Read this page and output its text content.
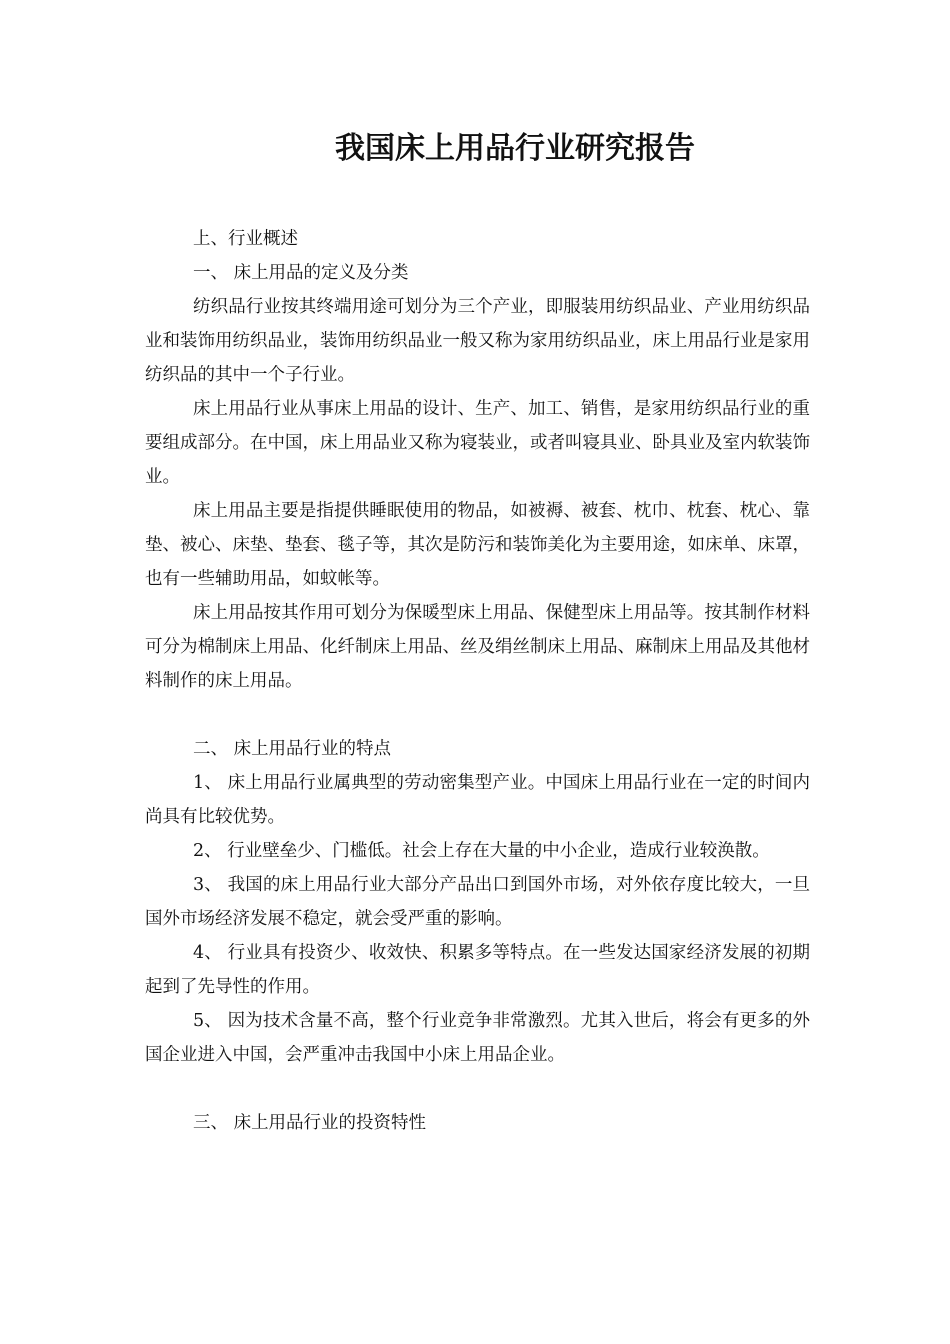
我国床上用品行业研究报告

上、行业概述

一、 床上用品的定义及分类

纺织品行业按其终端用途可划分为三个产业，即服装用纺织品业、产业用纺织品业和装饰用纺织品业，装饰用纺织品业一般又称为家用纺织品业，床上用品行业是家用纺织品的其中一个子行业。

床上用品行业从事床上用品的设计、生产、加工、销售，是家用纺织品行业的重要组成部分。在中国，床上用品业又称为寝装业，或者叫寝具业、卧具业及室内软装饰业。

床上用品主要是指提供睡眠使用的物品，如被褥、被套、枕巾、枕套、枕心、靠垫、被心、床垫、垫套、毯子等，其次是防污和装饰美化为主要用途，如床单、床罩，也有一些辅助用品，如蚊帐等。

床上用品按其作用可划分为保暖型床上用品、保健型床上用品等。按其制作材料可分为棉制床上用品、化纤制床上用品、丝及绢丝制床上用品、麻制床上用品及其他材料制作的床上用品。

二、 床上用品行业的特点

1、 床上用品行业属典型的劳动密集型产业。中国床上用品行业在一定的时间内尚具有比较优势。

2、 行业壁垒少、门槛低。社会上存在大量的中小企业，造成行业较涣散。

3、 我国的床上用品行业大部分产品出口到国外市场，对外依存度比较大，一旦国外市场经济发展不稳定，就会受严重的影响。

4、 行业具有投资少、收效快、积累多等特点。在一些发达国家经济发展的初期起到了先导性的作用。

5、 因为技术含量不高，整个行业竞争非常激烈。尤其入世后，将会有更多的外国企业进入中国，会严重冲击我国中小床上用品企业。

三、 床上用品行业的投资特性
